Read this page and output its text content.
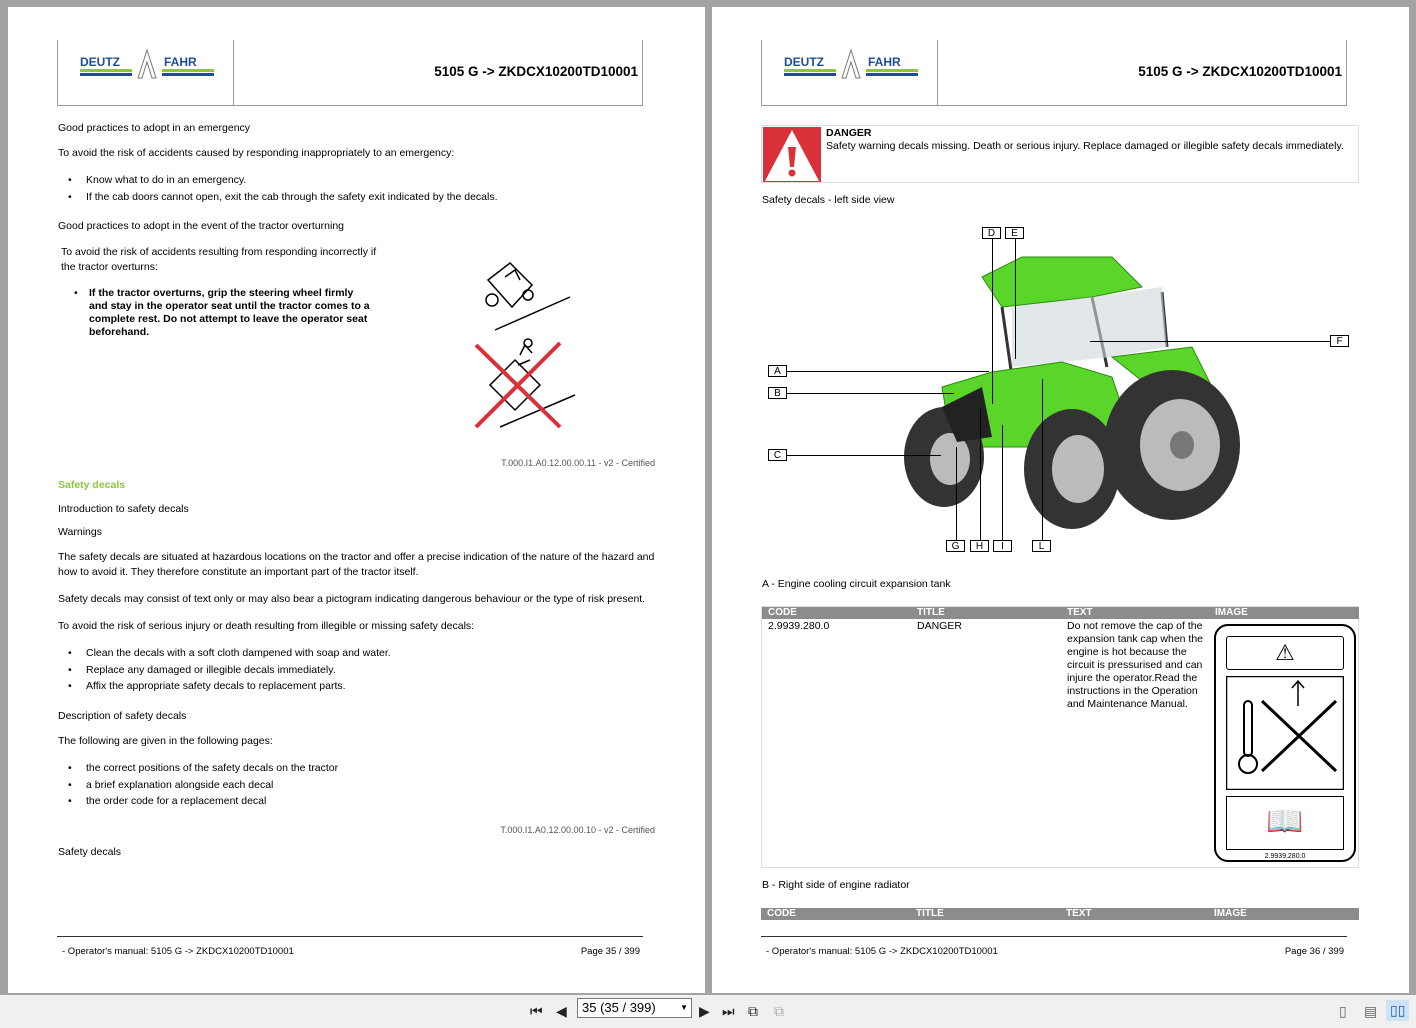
DEUTZ	FAHR
5105 G -> ZKDCX10200TD10001
Good practices to adopt in an emergency
To avoid the risk of accidents caused by responding inappropriately to an emergency:
• Know what to do in an emergency.
• If the cab doors cannot open, exit the cab through the safety exit indicated by the decals.
Good practices to adopt in the event of the tractor overturning
To avoid the risk of accidents resulting from responding incorrectly if
the tractor overturns:
• If the tractor overturns, grip the steering wheel firmly
and stay in the operator seat until the tractor comes to a
complete rest. Do not attempt to leave the operator seat
beforehand.
T.000.I1.A0.12.00.00.11 - v2 - Certified
Safety decals
Introduction to safety decals
Warnings
The safety decals are situated at hazardous locations on the tractor and offer a precise indication of the nature of the hazard and
how to avoid it. They therefore constitute an important part of the tractor itself.
Safety decals may consist of text only or may also bear a pictogram indicating dangerous behaviour or the type of risk present.
To avoid the risk of serious injury or death resulting from illegible or missing safety decals:
• Clean the decals with a soft cloth dampened with soap and water.
• Replace any damaged or illegible decals immediately.
• Affix the appropriate safety decals to replacement parts.
Description of safety decals
The following are given in the following pages:
• the correct positions of the safety decals on the tractor
• a brief explanation alongside each decal
• the order code for a replacement decal
T.000.I1.A0.12.00.00.10 - v2 - Certified
Safety decals
- Operator's manual: 5105 G -> ZKDCX10200TD10001	Page 35 / 399
DEUTZ	FAHR
5105 G -> ZKDCX10200TD10001
DANGER
Safety warning decals missing. Death or serious injury. Replace damaged or illegible safety decals immediately.
Safety decals - left side view
D	E
F
A
B
C
G	H	I	L
A - Engine cooling circuit expansion tank
CODE	TITLE	TEXT	IMAGE
2.9939.280.0	DANGER	Do not remove the cap of the
expansion tank cap when the
engine is hot because the
circuit is pressurised and can
injure the operator.Read the
instructions in the Operation
and Maintenance Manual.
⚠
📖
2.9939.280.0
B - Right side of engine radiator
CODE	TITLE	TEXT	IMAGE
- Operator's manual: 5105 G -> ZKDCX10200TD10001	Page 36 / 399
⏮ ◀	35 (35 / 399)	▼ ▶ ⏭ ⧉ ⧉	▯ ▤ ▯▯
